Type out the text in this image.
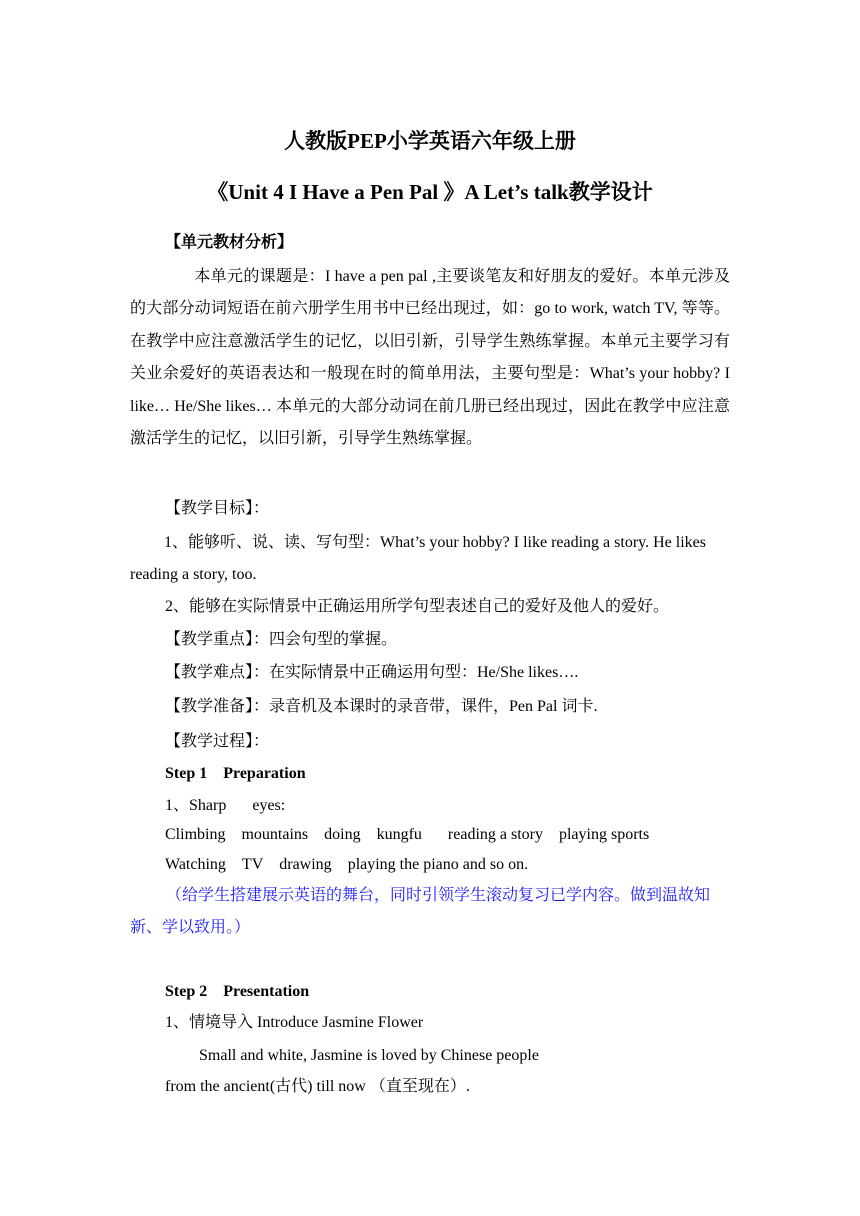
人教版PEP小学英语六年级上册
《Unit 4 I Have a Pen Pal 》A Let’s talk教学设计
【单元教材分析】
本单元的课题是：I have a pen pal ,主要谈笔友和好朋友的爱好。本单元涉及的大部分动词短语在前六册学生用书中已经出现过，如：go to work, watch TV, 等等。在教学中应注意激活学生的记忆，以旧引新，引导学生熟练掌握。本单元主要学习有关业余爱好的英语表达和一般现在时的简单用法，主要句型是：What’s your hobby? I like… He/She likes… 本单元的大部分动词在前几册已经出现过，因此在教学中应注意激活学生的记忆，以旧引新，引导学生熟练掌握。
【教学目标】：
1、能够听、说、读、写句型：What’s your hobby? I like reading a story. He likes reading a story, too.
2、能够在实际情景中正确运用所学句型表述自己的爱好及他人的爱好。
【教学重点】：四会句型的掌握。
【教学难点】：在实际情景中正确运用句型：He/She likes….
【教学准备】：录音机及本课时的录音带，课件，Pen Pal 词卡.
【教学过程】：
Step 1 Preparation
1、Sharp eyes:
Climbing mountains doing kungfu reading a story playing sports
Watching TV drawing playing the piano and so on.
（给学生搭建展示英语的舞台，同时引领学生滚动复习已学内容。做到温故知新、学以致用。）
Step 2 Presentation
1、情境导入 Introduce Jasmine Flower
Small and white, Jasmine is loved by Chinese people
from the ancient(古代) till now （直至现在）.
